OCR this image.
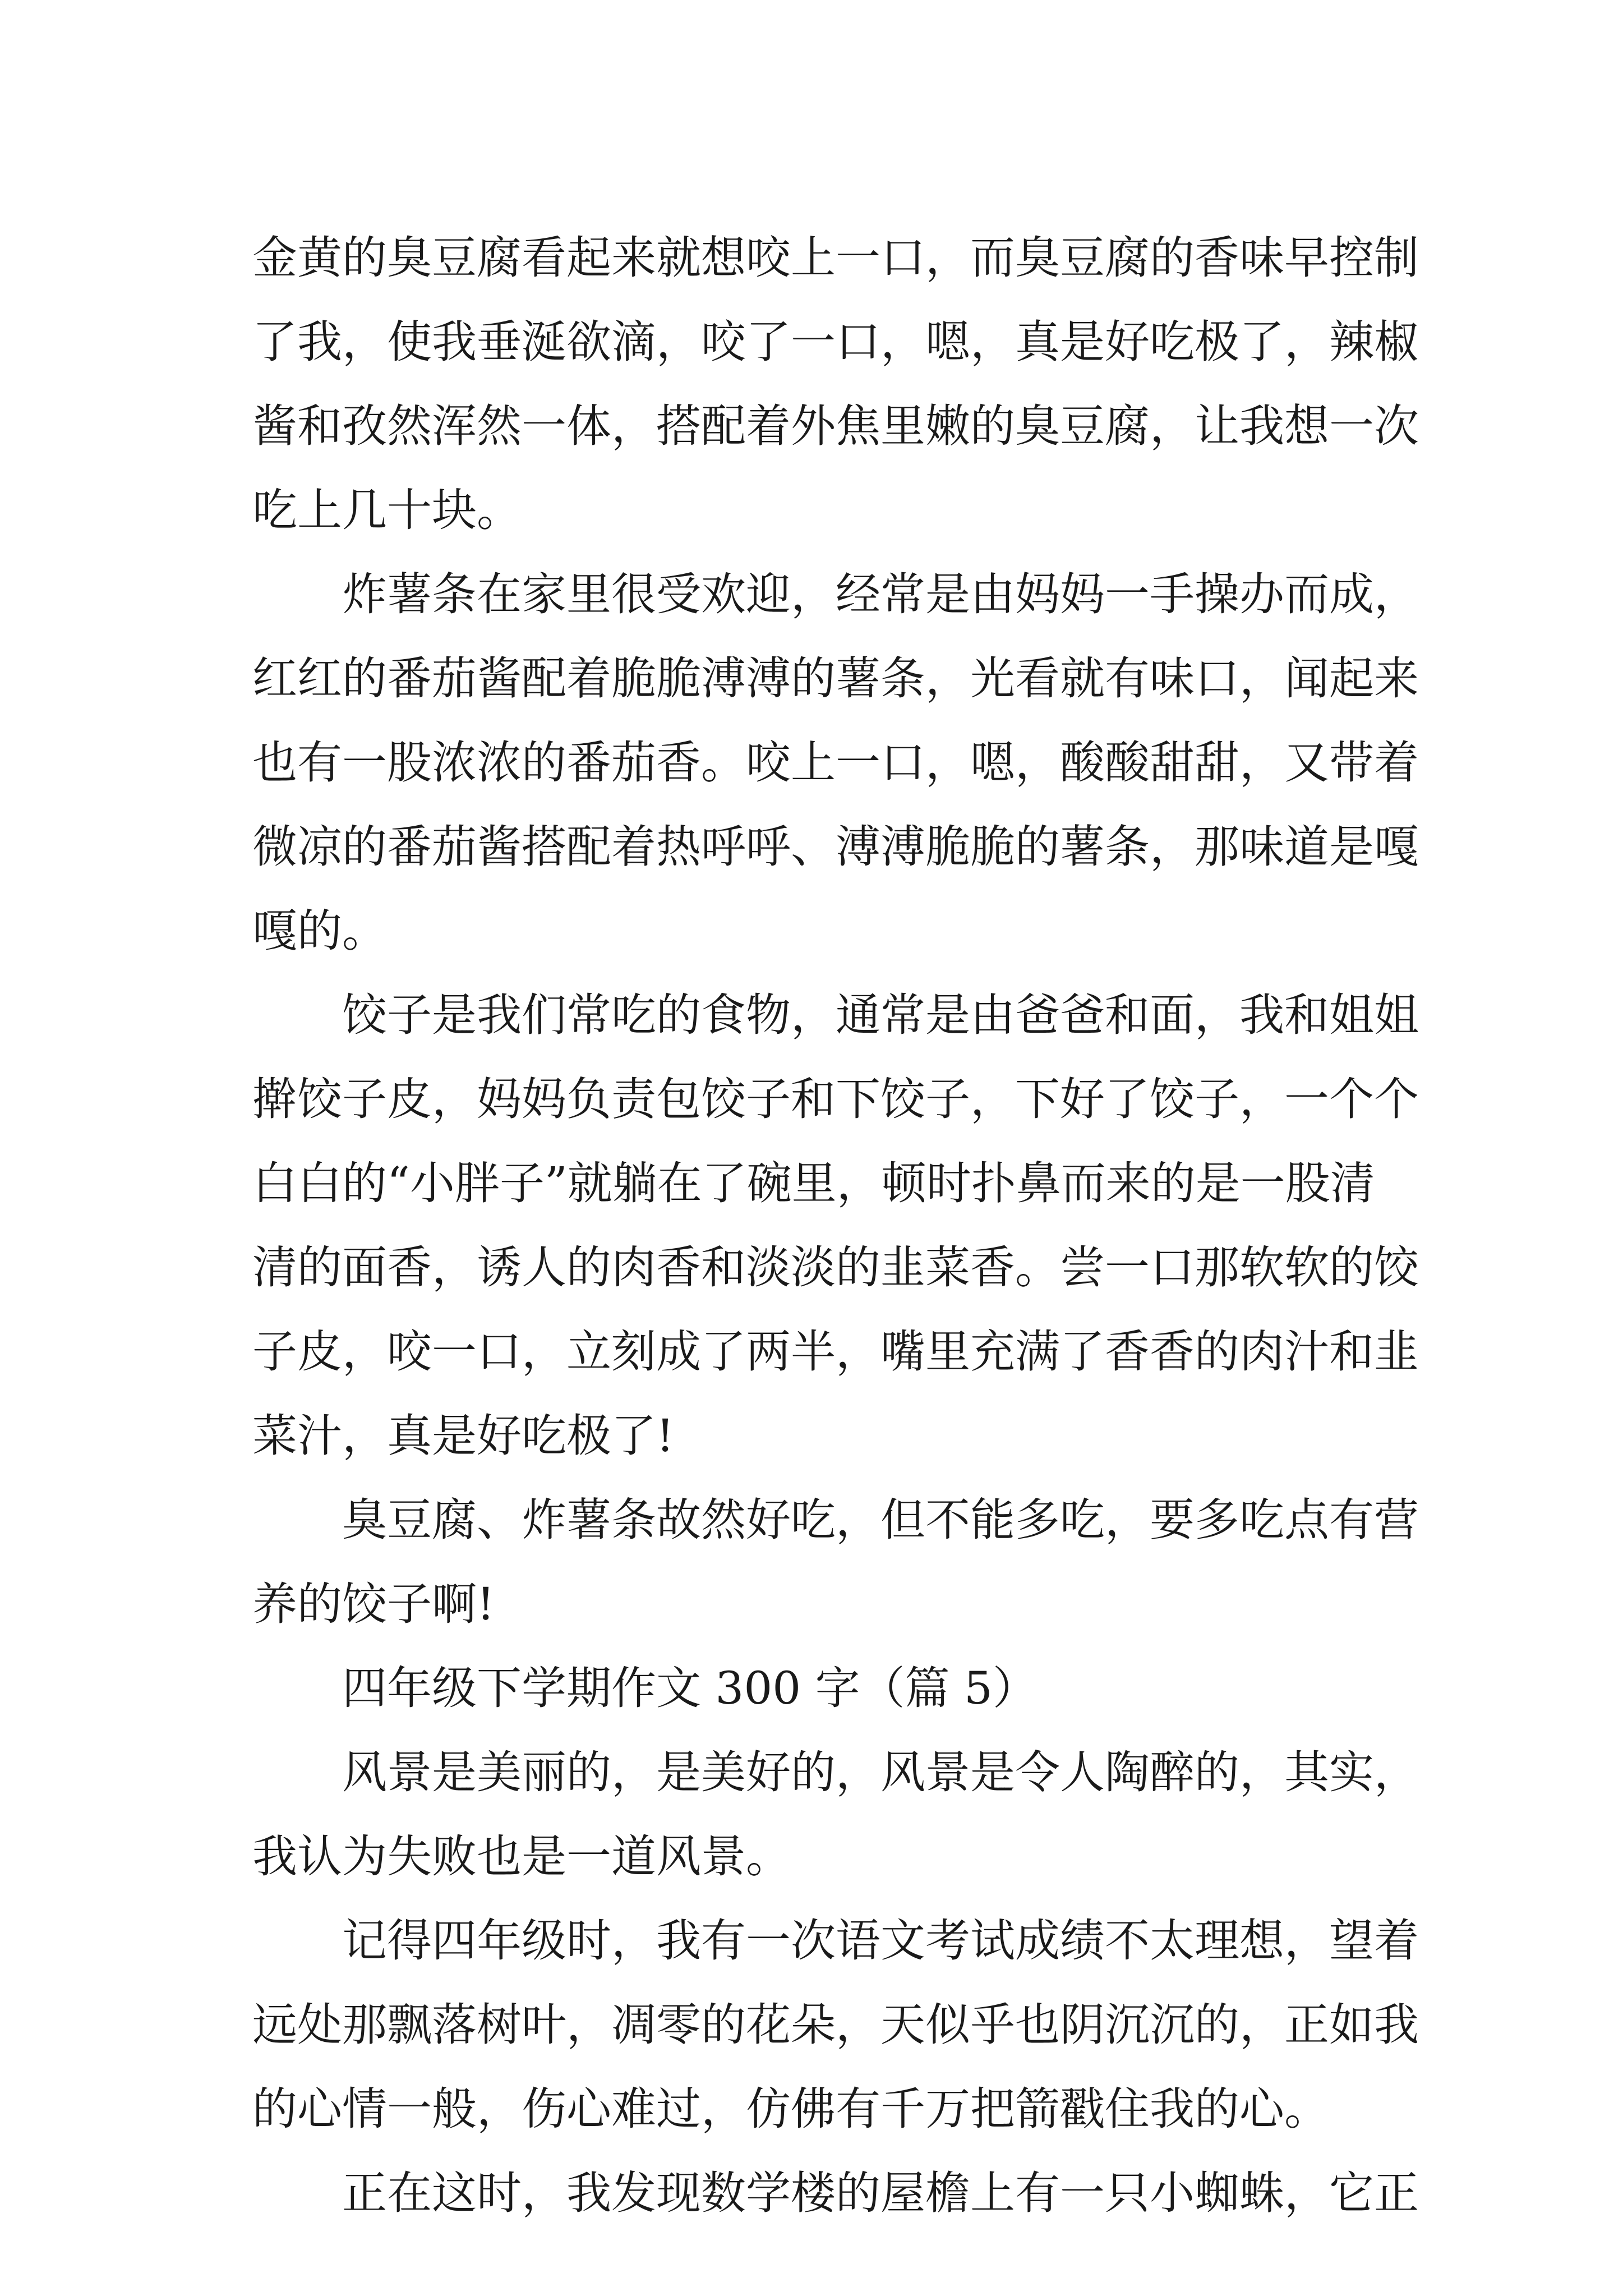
金黄的臭豆腐看起来就想咬上一口，而臭豆腐的香味早控制
了我，使我垂涎欲滴，咬了一口，嗯，真是好吃极了，辣椒
酱和孜然浑然一体，搭配着外焦里嫩的臭豆腐，让我想一次
吃上几十块。
炸薯条在家里很受欢迎，经常是由妈妈一手操办而成，
红红的番茄酱配着脆脆溥溥的薯条，光看就有味口，闻起来
也有一股浓浓的番茄香。咬上一口，嗯，酸酸甜甜，又带着
微凉的番茄酱搭配着热呼呼、溥溥脆脆的薯条，那味道是嘎
嘎的。
饺子是我们常吃的食物，通常是由爸爸和面，我和姐姐
擀饺子皮，妈妈负责包饺子和下饺子，下好了饺子，一个个
白白的“小胖子”就躺在了碗里，顿时扑鼻而来的是一股清
清的面香，诱人的肉香和淡淡的韭菜香。尝一口那软软的饺
子皮，咬一口，立刻成了两半，嘴里充满了香香的肉汁和韭
菜汁，真是好吃极了!
臭豆腐、炸薯条故然好吃，但不能多吃，要多吃点有营
养的饺子啊!
四年级下学期作文 300 字（篇 5）
风景是美丽的，是美好的，风景是令人陶醉的，其实，
我认为失败也是一道风景。
记得四年级时，我有一次语文考试成绩不太理想，望着
远处那飘落树叶，凋零的花朵，天似乎也阴沉沉的，正如我
的心情一般，伤心难过，仿佛有千万把箭戳住我的心。
正在这时，我发现数学楼的屋檐上有一只小蜘蛛，它正
